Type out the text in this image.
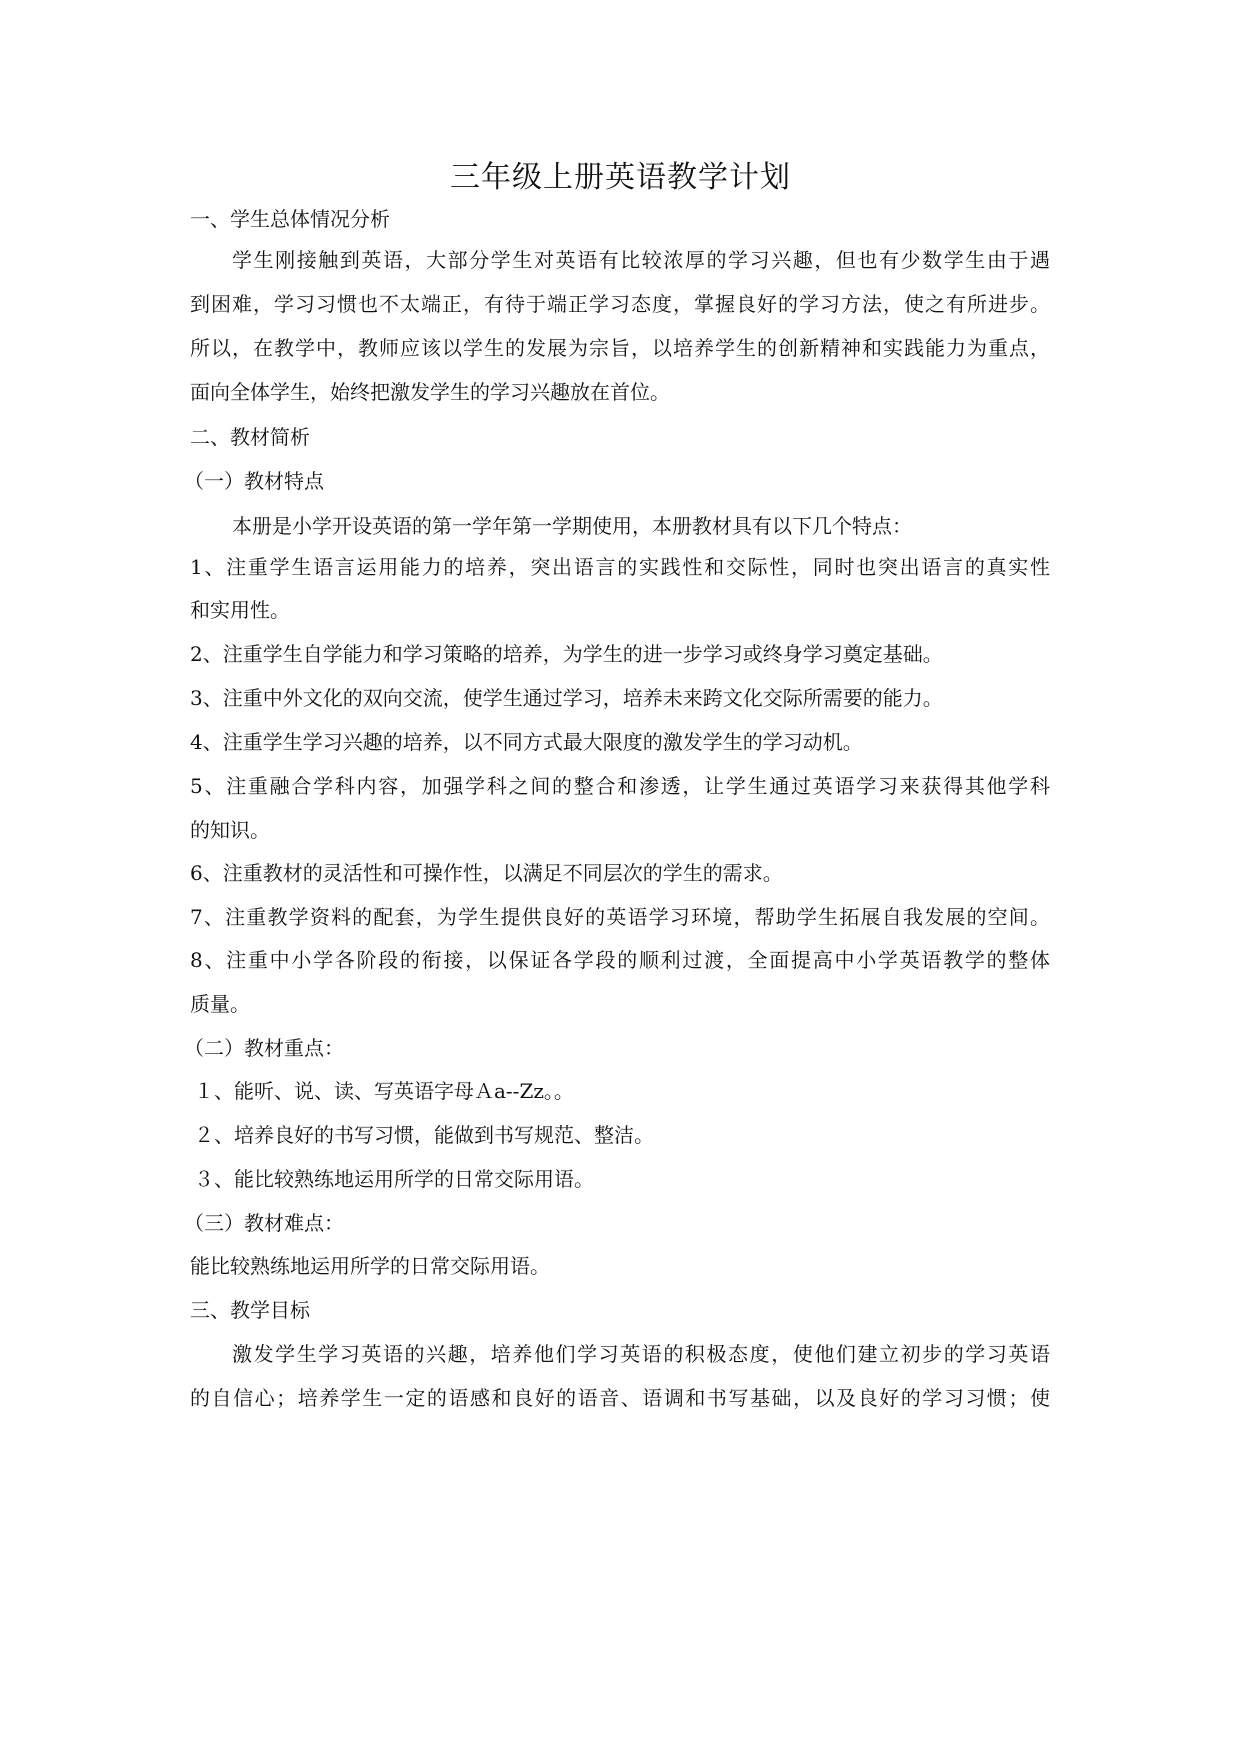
三年级上册英语教学计划

一、学生总体情况分析

学生刚接触到英语，大部分学生对英语有比较浓厚的学习兴趣，但也有少数学生由于遇

到困难，学习习惯也不太端正，有待于端正学习态度，掌握良好的学习方法，使之有所进步。

所以，在教学中，教师应该以学生的发展为宗旨，以培养学生的创新精神和实践能力为重点，

面向全体学生，始终把激发学生的学习兴趣放在首位。

二、教材简析

（一）教材特点

本册是小学开设英语的第一学年第一学期使用，本册教材具有以下几个特点：

1、注重学生语言运用能力的培养，突出语言的实践性和交际性，同时也突出语言的真实性

和实用性。

2、注重学生自学能力和学习策略的培养，为学生的进一步学习或终身学习奠定基础。

3、注重中外文化的双向交流，使学生通过学习，培养未来跨文化交际所需要的能力。

4、注重学生学习兴趣的培养，以不同方式最大限度的激发学生的学习动机。

5、注重融合学科内容，加强学科之间的整合和渗透，让学生通过英语学习来获得其他学科

的知识。

6、注重教材的灵活性和可操作性，以满足不同层次的学生的需求。

7、注重教学资料的配套，为学生提供良好的英语学习环境，帮助学生拓展自我发展的空间。

8、注重中小学各阶段的衔接，以保证各学段的顺利过渡，全面提高中小学英语教学的整体

质量。

（二）教材重点：

１、能听、说、读、写英语字母Ａa--Zz。。

２、培养良好的书写习惯，能做到书写规范、整洁。

３、能比较熟练地运用所学的日常交际用语。

（三）教材难点：

能比较熟练地运用所学的日常交际用语。

三、教学目标

激发学生学习英语的兴趣，培养他们学习英语的积极态度，使他们建立初步的学习英语

的自信心；培养学生一定的语感和良好的语音、语调和书写基础，以及良好的学习习惯；使
